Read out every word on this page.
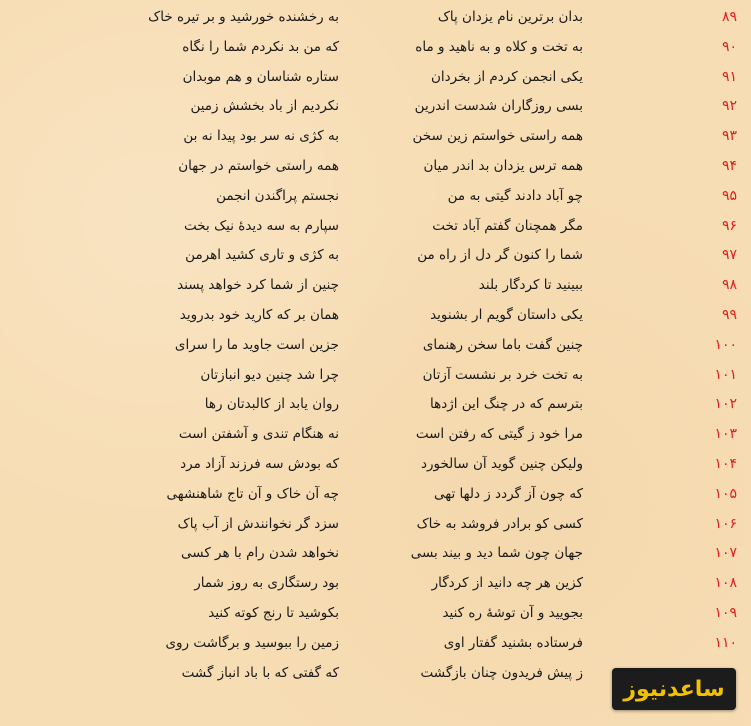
۸۹
بدان برترین نام یزدان پاک
به رخشنده خورشید و بر تیره خاک
۹۰
به تخت و کلاه و به ناهید و ماه
که من بد نکردم شما را نگاه
۹۱
یکی انجمن کردم از بخردان
ستاره شناسان و هم موبدان
۹۲
بسی روزگاران شدست اندرین
نکردیم از باد بخشش زمین
۹۳
همه راستی خواستم زین سخن
به کژی نه سر بود پیدا نه بن
۹۴
همه ترس یزدان بد اندر میان
همه راستی خواستم در جهان
۹۵
چو آباد دادند گیتی به من
نجستم پراگندن انجمن
۹۶
مگر همچنان گفتم آباد تخت
سپارم به سه دیدهٔ نیک بخت
۹۷
شما را کنون گر دل از راه من
به کژی و تاری کشید اهرمن
۹۸
ببینید تا کردگار بلند
چنین از شما کرد خواهد پسند
۹۹
یکی داستان گویم ار بشنوید
همان بر که کارید خود بدروید
۱۰۰
چنین گفت باما سخن رهنمای
جزین است جاوید ما را سرای
۱۰۱
به تخت خرد بر نشست آزتان
چرا شد چنین دیو انبازتان
۱۰۲
بترسم که در چنگ این اژدها
روان یابد از کالبدتان رها
۱۰۳
مرا خود ز گیتی که رفتن است
نه هنگام تندی و آشفتن است
۱۰۴
ولیکن چنین گوید آن سالخورد
که بودش سه فرزند آزاد مرد
۱۰۵
که چون آز گردد ز دلها تهی
چه آن خاک و آن تاج شاهنشهی
۱۰۶
کسی کو برادر فروشد به خاک
سزد گر نخوانندش از آب پاک
۱۰۷
جهان چون شما دید و بیند بسی
نخواهد شدن رام با هر کسی
۱۰۸
کزین هر چه دانید از کردگار
بود رستگاری به روز شمار
۱۰۹
بجویید و آن توشهٔ ره کنید
بکوشید تا رنج کوته کنید
۱۱۰
فرستاده بشنید گفتار اوی
زمین را ببوسید و برگاشت روی
ز پیش فریدون چنان بازگشت
که گفتی که با باد انباز گشت
ساعدنیوز
